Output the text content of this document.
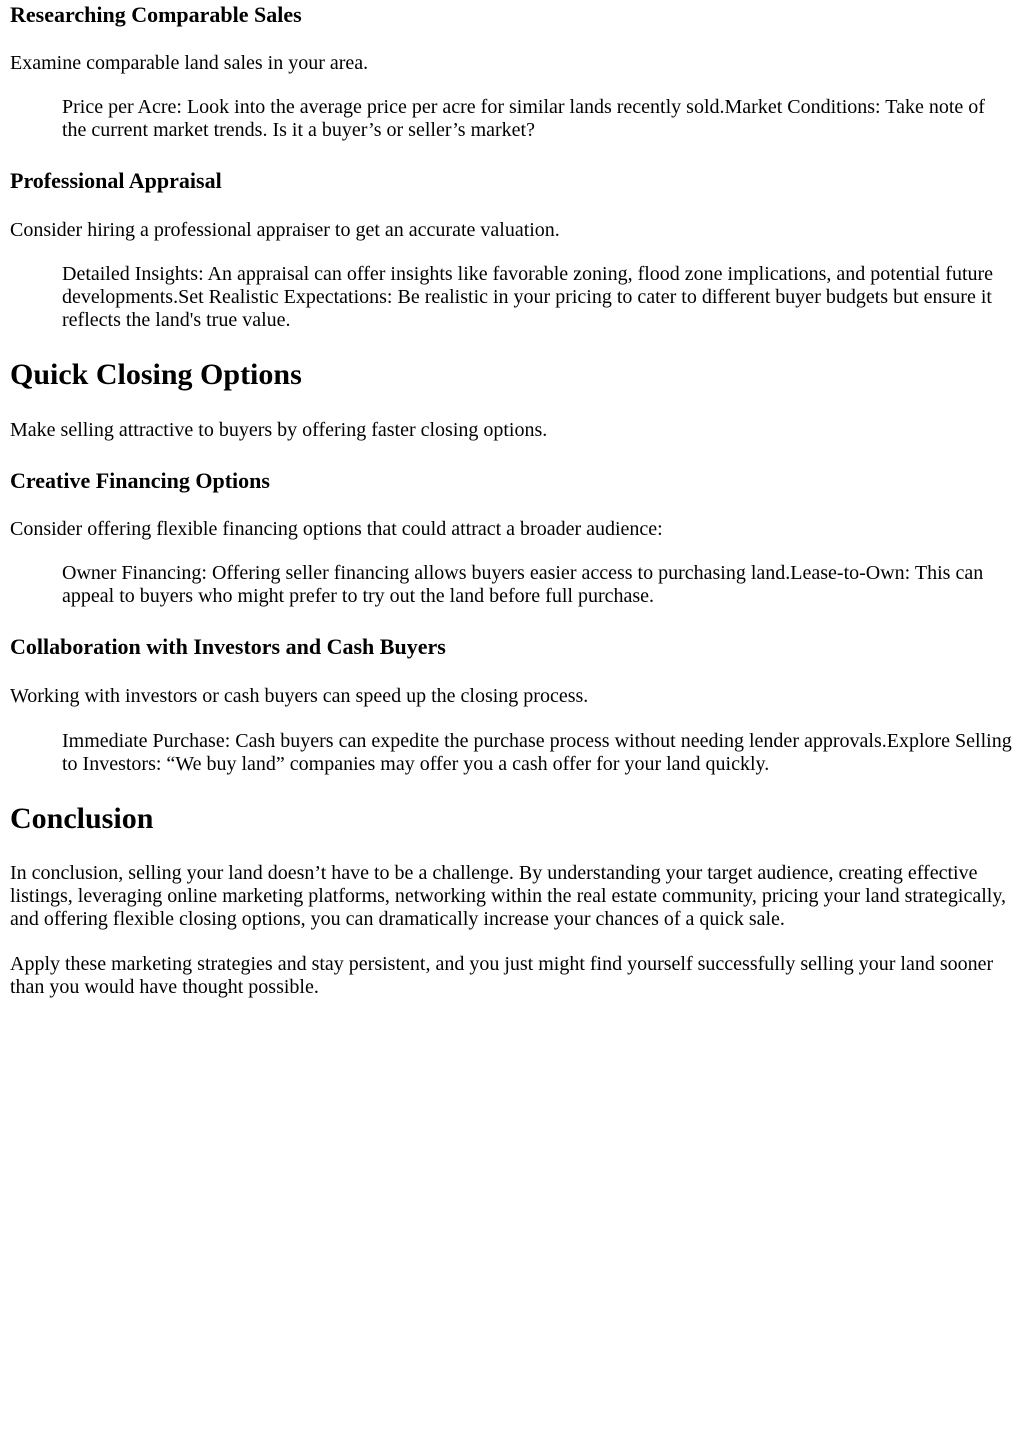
Researching Comparable Sales

Examine comparable land sales in your area.

Price per Acre: Look into the average price per acre for similar lands recently sold.Market Conditions: Take note of the current market trends. Is it a buyer’s or seller’s market?
Professional Appraisal

Consider hiring a professional appraiser to get an accurate valuation.

Detailed Insights: An appraisal can offer insights like favorable zoning, flood zone implications, and potential future developments.Set Realistic Expectations: Be realistic in your pricing to cater to different buyer budgets but ensure it reflects the land's true value.
Quick Closing Options

Make selling attractive to buyers by offering faster closing options.

Creative Financing Options

Consider offering flexible financing options that could attract a broader audience:

Owner Financing: Offering seller financing allows buyers easier access to purchasing land.Lease-to-Own: This can appeal to buyers who might prefer to try out the land before full purchase.
Collaboration with Investors and Cash Buyers

Working with investors or cash buyers can speed up the closing process.

Immediate Purchase: Cash buyers can expedite the purchase process without needing lender approvals.Explore Selling to Investors: “We buy land” companies may offer you a cash offer for your land quickly.
Conclusion

In conclusion, selling your land doesn’t have to be a challenge. By understanding your target audience, creating effective listings, leveraging online marketing platforms, networking within the real estate community, pricing your land strategically, and offering flexible closing options, you can dramatically increase your chances of a quick sale.

Apply these marketing strategies and stay persistent, and you just might find yourself successfully selling your land sooner than you would have thought possible.
